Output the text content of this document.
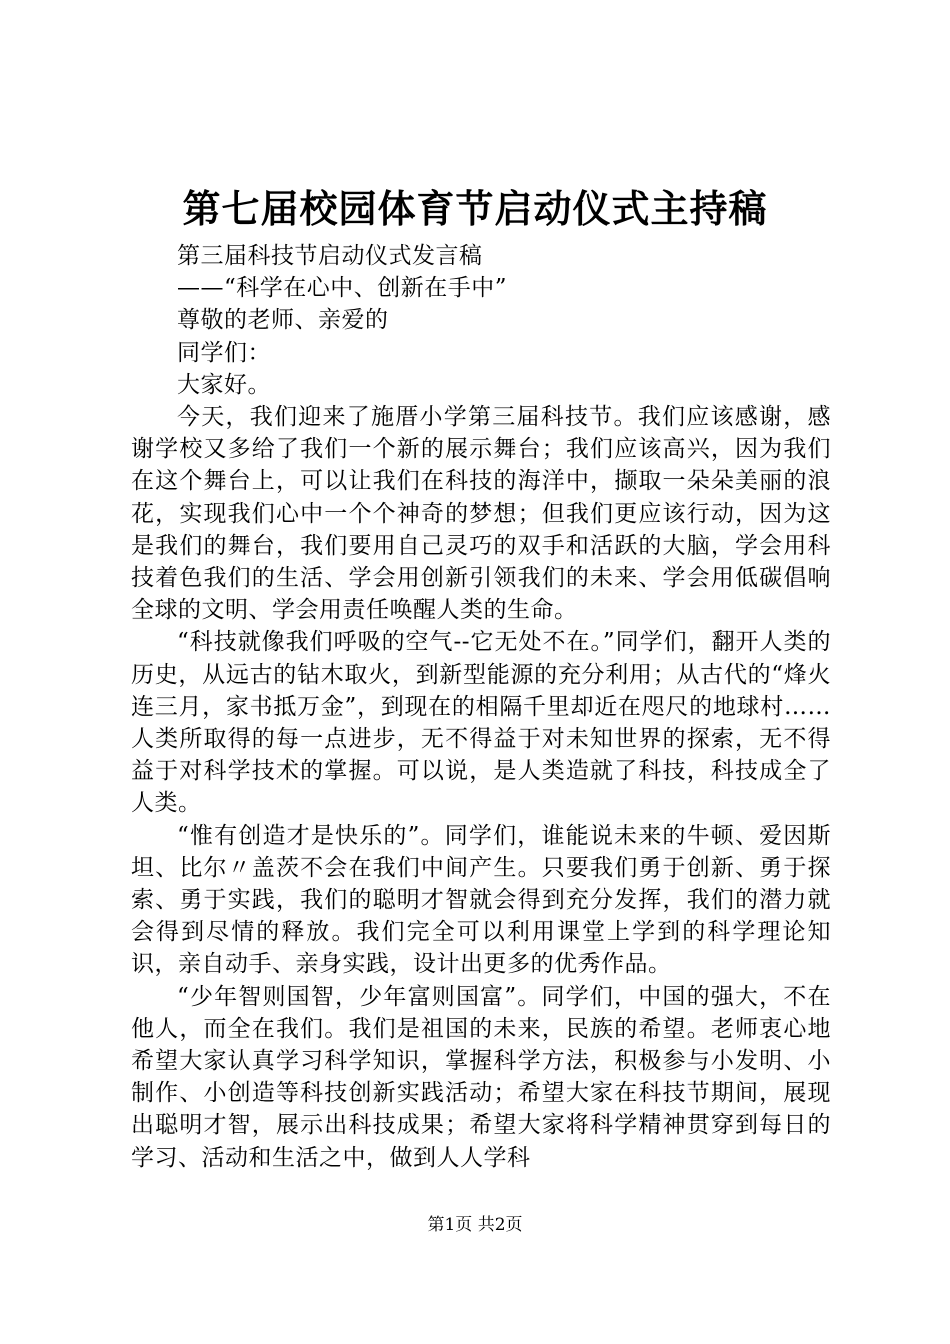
第七届校园体育节启动仪式主持稿
第三届科技节启动仪式发言稿
——“科学在心中、创新在手中”
尊敬的老师、亲爱的
同学们：
大家好。

今天，我们迎来了施厝小学第三届科技节。我们应该感谢，感谢学校又多给了我们一个新的展示舞台；我们应该高兴，因为我们在这个舞台上，可以让我们在科技的海洋中，撷取一朵朵美丽的浪花，实现我们心中一个个神奇的梦想；但我们更应该行动，因为这是我们的舞台，我们要用自己灵巧的双手和活跃的大脑，学会用科技着色我们的生活、学会用创新引领我们的未来、学会用低碳倡响全球的文明、学会用责任唤醒人类的生命。

“科技就像我们呼吸的空气--它无处不在。”同学们，翻开人类的历史，从远古的钻木取火，到新型能源的充分利用；从古代的“烽火连三月，家书抵万金”，到现在的相隔千里却近在咫尺的地球村……人类所取得的每一点进步，无不得益于对未知世界的探索，无不得益于对科学技术的掌握。可以说，是人类造就了科技，科技成全了人类。

“惟有创造才是快乐的”。同学们，谁能说未来的牛顿、爱因斯坦、比尔〃盖茨不会在我们中间产生。只要我们勇于创新、勇于探索、勇于实践，我们的聪明才智就会得到充分发挥，我们的潜力就会得到尽情的释放。我们完全可以利用课堂上学到的科学理论知识，亲自动手、亲身实践，设计出更多的优秀作品。

“少年智则国智，少年富则国富”。同学们，中国的强大，不在他人，而全在我们。我们是祖国的未来，民族的希望。老师衷心地希望大家认真学习科学知识，掌握科学方法，积极参与小发明、小制作、小创造等科技创新实践活动；希望大家在科技节期间，展现出聪明才智，展示出科技成果；希望大家将科学精神贯穿到每日的学习、活动和生活之中，做到人人学科

第1页 共2页
